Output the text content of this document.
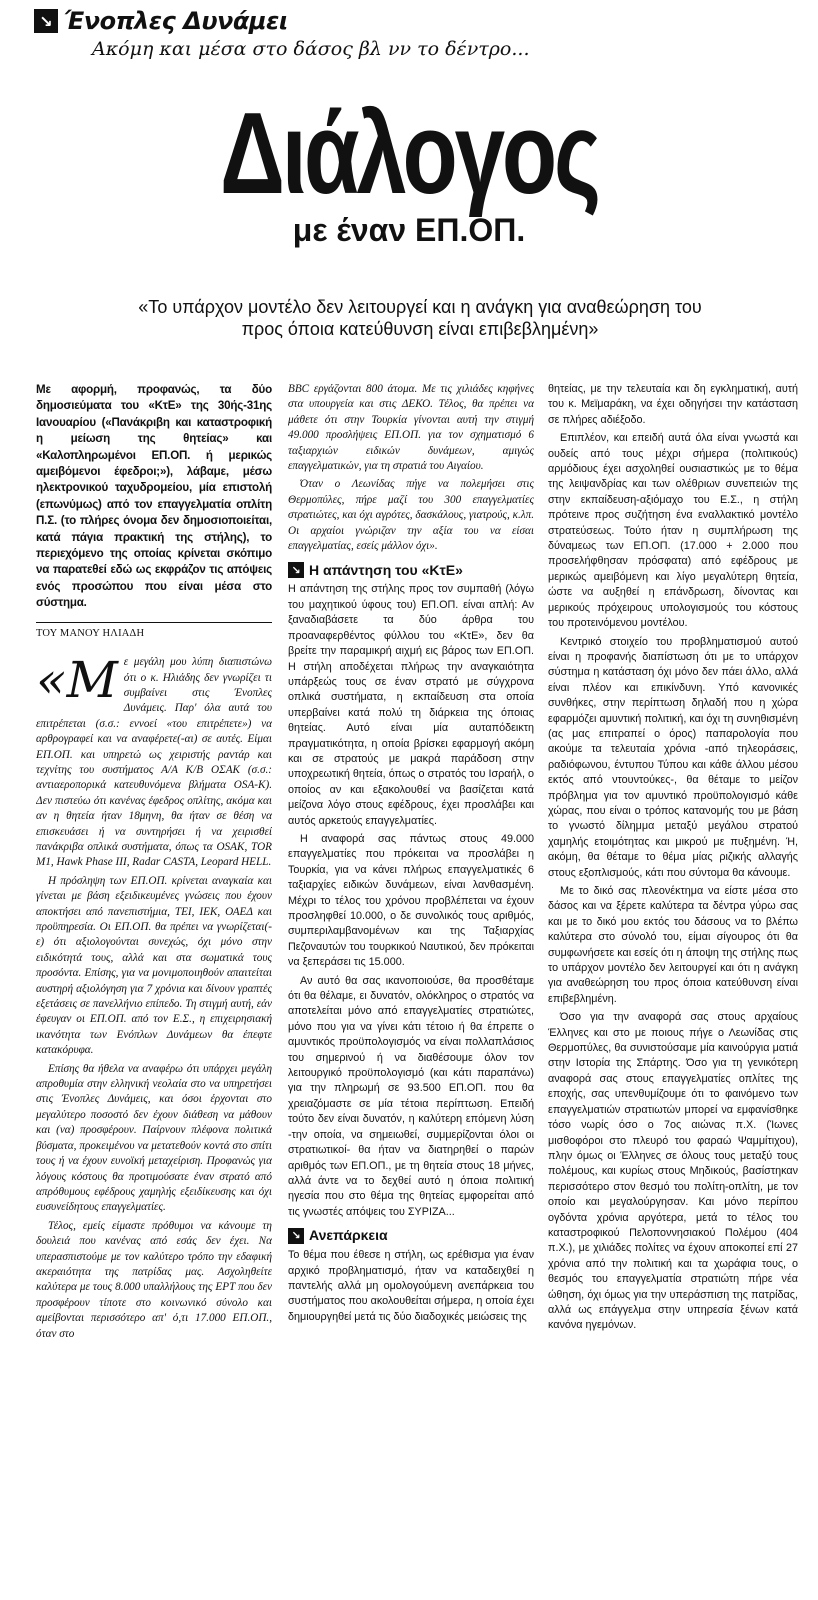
↘ Ένοπλες Δυνάμει
Ακόμη και μέσα στο δάσος βλ νν το δέντρο...
Διάλογος
με έναν ΕΠ.ΟΠ.
«Το υπάρχον μοντέλο δεν λειτουργεί και η ανάγκη για αναθεώρηση του προς όποια κατεύθυνση είναι επιβεβλημένη»
Με αφορμή, προφανώς, τα δύο δημοσιεύματα του «ΚτΕ» της 30ής-31ης Ιανουαρίου («Πανάκριβη και καταστροφική η μείωση της θητείας» και «Καλοπληρωμένοι ΕΠ.ΟΠ. ή μερικώς αμειβόμενοι έφεδροι;»), λάβαμε, μέσω ηλεκτρονικού ταχυδρομείου, μία επιστολή (επωνύμως) από τον επαγγελματία οπλίτη Π.Σ. (το πλήρες όνομα δεν δημοσιοποιείται, κατά πάγια πρακτική της στήλης), το περιεχόμενο της οποίας κρίνεται σκόπιμο να παρατεθεί εδώ ως εκφράζον τις απόψεις ενός προσώπου που είναι μέσα στο σύστημα.
ΤΟΥ ΜΑΝΟΥ ΗΛΙΑΔΗ
«Μ ε μεγάλη μου λύπη διαπιστώνω ότι ο κ. Ηλιάδης δεν γνωρίζει τι συμβαίνει στις Ένοπλες Δυνάμεις. Παρ' όλα αυτά του επιτρέπεται (σ.σ.: εννοεί «του επιτρέπετε») να αρθρογραφεί και να αναφέρετε(-αι) σε αυτές. Είμαι ΕΠ.ΟΠ. και υπηρετώ ως χειριστής ραντάρ και τεχνίτης του συστήματος Α/Α Κ/Β ΟΣΑΚ (σ.σ.: αντιαεροπορικά κατευθυνόμενα βλήματα OSA-K). Δεν πιστεύω ότι κανένας έφεδρος οπλίτης, ακόμα και αν η θητεία ήταν 18μηνη, θα ήταν σε θέση να επισκευάσει ή να συντηρήσει ή να χειρισθεί πανάκριβα οπλικά συστήματα, όπως τα OSAK, TOR M1, Hawk Phase III, Radar CASTA, Leopard HELL.

Η πρόσληψη των ΕΠ.ΟΠ. κρίνεται αναγκαία και γίνεται με βάση εξειδικευμένες γνώσεις που έχουν αποκτήσει από πανεπιστήμια, ΤΕΙ, ΙΕΚ, ΟΑΕΔ και προϋπηρεσία. Οι ΕΠ.ΟΠ. θα πρέπει να γνωρίζεται(-ε) ότι αξιολογούνται συνεχώς, όχι μόνο στην ειδικότητά τους, αλλά και στα σωματικά τους προσόντα. Επίσης, για να μονιμοποιηθούν απαιτείται αυστηρή αξιολόγηση για 7 χρόνια και δίνουν γραπτές εξετάσεις σε πανελλήνιο επίπεδο. Τη στιγμή αυτή, εάν έφευγαν οι ΕΠ.ΟΠ. από τον Ε.Σ., η επιχειρησιακή ικανότητα των Ενόπλων Δυνάμεων θα έπεφτε κατακόρυφα.

Επίσης θα ήθελα να αναφέρω ότι υπάρχει μεγάλη απροθυμία στην ελληνική νεολαία στο να υπηρετήσει στις Ένοπλες Δυνάμεις, και όσοι έρχονται στο μεγαλύτερο ποσοστό δεν έχουν διάθεση να μάθουν και (να) προσφέρουν. Παίρνουν πλέφονα πολιτικά βύσματα, προκειμένου να μετατεθούν κοντά στο σπίτι τους ή να έχουν ευνοϊκή μεταχείριση. Προφανώς για λόγους κόστους θα προτιμούσατε έναν στρατό από απρόθυμους εφέδρους χαμηλής εξειδίκευσης και όχι ευσυνείδητους επαγγελματίες.

Τέλος, εμείς είμαστε πρόθυμοι να κάνουμε τη δουλειά που κανένας από εσάς δεν έχει. Να υπερασπιστούμε με τον καλύτερο τρόπο την εδαφική ακεραιότητα της πατρίδας μας. Ασχοληθείτε καλύτερα με τους 8.000 υπαλλήλους της ΕΡΤ που δεν προσφέρουν τίποτε στο κοινωνικό σύνολο και αμείβονται περισσότερο απ' ό,τι 17.000 ΕΠ.ΟΠ., όταν στο

BBC εργάζονται 800 άτομα. Με τις χιλιάδες κηφήνες στα υπουργεία και στις ΔΕΚΟ. Τέλος, θα πρέπει να μάθετε ότι στην Τουρκία γίνονται αυτή την στιγμή 49.000 προσλήψεις ΕΠ.ΟΠ. για τον σχηματισμό 6 ταξιαρχιών ειδικών δυνάμεων, αμιγώς επαγγελματικών, για τη στρατιά του Αιγαίου.

Όταν ο Λεωνίδας πήγε να πολεμήσει στις Θερμοπύλες, πήρε μαζί του 300 επαγγελματίες στρατιώτες, και όχι αγρότες, δασκάλους, γιατρούς, κ.λπ. Οι αρχαίοι γνώριζαν την αξία του να είσαι επαγγελματίας, εσείς μάλλον όχι».

↘ Η απάντηση του «ΚτΕ»

Η απάντηση της στήλης προς τον συμπαθή (λόγω του μαχητικού ύφους του) ΕΠ.ΟΠ. είναι απλή: Αν ξαναδιαβάσετε τα δύο άρθρα του προαναφερθέντος φύλλου του «ΚτΕ», δεν θα βρείτε την παραμικρή αιχμή εις βάρος των ΕΠ.ΟΠ. Η στήλη αποδέχεται πλήρως την αναγκαιότητα υπάρξεώς τους σε έναν στρατό με σύγχρονα οπλικά συστήματα, η εκπαίδευση στα οποία υπερβαίνει κατά πολύ τη διάρκεια της όποιας θητείας. Αυτό είναι μία αυταπόδεικτη πραγματικότητα, η οποία βρίσκει εφαρμογή ακόμη και σε στρατούς με μακρά παράδοση στην υποχρεωτική θητεία, όπως ο στρατός του Ισραήλ, ο οποίος αν και εξακολουθεί να βασίζεται κατά μείζονα λόγο στους εφέδρους, έχει προσλάβει και αυτός αρκετούς επαγγελματίες.

Η αναφορά σας πάντως στους 49.000 επαγγελματίες που πρόκειται να προσλάβει η Τουρκία, για να κάνει πλήρως επαγγελματικές 6 ταξιαρχίες ειδικών δυνάμεων, είναι λανθασμένη. Μέχρι το τέλος του χρόνου προβλέπεται να έχουν προσληφθεί 10.000, ο δε συνολικός τους αριθμός, συμπεριλαμβανομένων και της Ταξιαρχίας Πεζοναυτών του τουρκικού Ναυτικού, δεν πρόκειται να ξεπεράσει τις 15.000.

Αν αυτό θα σας ικανοποιούσε, θα προσθέταμε ότι θα θέλαμε, ει δυνατόν, ολόκληρος ο στρατός να αποτελείται μόνο από επαγγελματίες στρατιώτες, μόνο που για να γίνει κάτι τέτοιο ή θα έπρεπε ο αμυντικός προϋπολογισμός να είναι πολλαπλάσιος του σημερινού ή να διαθέσουμε όλον τον λειτουργικό προϋπολογισμό (και κάτι παραπάνω) για την πληρωμή σε 93.500 ΕΠ.ΟΠ. που θα χρειαζόμαστε σε μία τέτοια περίπτωση. Επειδή τούτο δεν είναι δυνατόν, η καλύτερη επόμενη λύση -την οποία, να σημειωθεί, συμμερίζονται όλοι οι στρατιωτικοί- θα ήταν να διατηρηθεί ο παρών αριθμός των ΕΠ.ΟΠ., με τη θητεία στους 18 μήνες, αλλά άντε να το δεχθεί αυτό η όποια πολιτική ηγεσία που στο θέμα της θητείας εμφορείται από τις γνωστές απόψεις του ΣΥΡΙΖΑ...

↘ Ανεπάρκεια

Το θέμα που έθεσε η στήλη, ως ερέθισμα για έναν αρχικό προβληματισμό, ήταν να καταδειχθεί η παντελής αλλά μη ομολογούμενη ανεπάρκεια του συστήματος που ακολουθείται σήμερα, η οποία έχει δημιουργηθεί μετά τις δύο διαδοχικές μειώσεις της

θητείας, με την τελευταία και δη εγκληματική, αυτή του κ. Μεϊμαράκη, να έχει οδηγήσει την κατάσταση σε πλήρες αδιέξοδο.

Επιπλέον, και επειδή αυτά όλα είναι γνωστά και ουδείς από τους μέχρι σήμερα (πολιτικούς) αρμόδιους έχει ασχοληθεί ουσιαστικώς με το θέμα της λειψανδρίας και των ολέθριων συνεπειών της στην εκπαίδευση-αξιόμαχο του Ε.Σ., η στήλη πρότεινε προς συζήτηση ένα εναλλακτικό μοντέλο στρατεύσεως. Τούτο ήταν η συμπλήρωση της δύναμεως των ΕΠ.ΟΠ. (17.000 + 2.000 που προσελήφθησαν πρόσφατα) από εφέδρους με μερικώς αμειβόμενη και λίγο μεγαλύτερη θητεία, ώστε να αυξηθεί η επάνδρωση, δίνοντας και μερικούς πρόχειρους υπολογισμούς του κόστους του προτεινόμενου μοντέλου.

Κεντρικό στοιχείο του προβληματισμού αυτού είναι η προφανής διαπίστωση ότι με το υπάρχον σύστημα η κατάσταση όχι μόνο δεν πάει άλλο, αλλά είναι πλέον και επικίνδυνη. Υπό κανονικές συνθήκες, στην περίπτωση δηλαδή που η χώρα εφαρμόζει αμυντική πολιτική, και όχι τη συνηθισμένη (ας μας επιτραπεί ο όρος) παπαρολογία που ακούμε τα τελευταία χρόνια -από τηλεοράσεις, ραδιόφωνου, έντυπου Τύπου και κάθε άλλου μέσου εκτός από ντουντούκες-, θα θέταμε το μείζον πρόβλημα για τον αμυντικό προϋπολογισμό κάθε χώρας, που είναι ο τρόπος κατανομής του με βάση το γνωστό δίλημμα μεταξύ μεγάλου στρατού χαμηλής ετοιμότητας και μικρού με πυξημένη. Ή, ακόμη, θα θέταμε το θέμα μίας ριζικής αλλαγής στους εξοπλισμούς, κάτι που σύντομα θα κάνουμε.

Με το δικό σας πλεονέκτημα να είστε μέσα στο δάσος και να ξέρετε καλύτερα τα δέντρα γύρω σας και με το δικό μου εκτός του δάσους να το βλέπω καλύτερα στο σύνολό του, είμαι σίγουρος ότι θα συμφωνήσετε και εσείς ότι η άποψη της στήλης πως το υπάρχον μοντέλο δεν λειτουργεί και ότι η ανάγκη για αναθεώρηση του προς όποια κατεύθυνση είναι επιβεβλημένη.

Όσο για την αναφορά σας στους αρχαίους Έλληνες και στο με ποιους πήγε ο Λεωνίδας στις Θερμοπύλες, θα συνιστούσαμε μία καινούργια ματιά στην Ιστορία της Σπάρτης. Όσο για τη γενικότερη αναφορά σας στους επαγγελματίες οπλίτες της εποχής, σας υπενθυμίζουμε ότι το φαινόμενο των επαγγελματιών στρατιωτών μπορεί να εμφανίσθηκε τόσο νωρίς όσο ο 7ος αιώνας π.Χ. (Ίωνες μισθοφόροι στο πλευρό του φαραώ Ψαμμίτιχου), πλην όμως οι Έλληνες σε όλους τους μεταξύ τους πολέμους, και κυρίως στους Μηδικούς, βασίστηκαν περισσότερο στον θεσμό του πολίτη-οπλίτη, με τον οποίο και μεγαλούργησαν. Και μόνο περίπου ογδόντα χρόνια αργότερα, μετά το τέλος του καταστροφικού Πελοποννησιακού Πολέμου (404 π.Χ.), με χιλιάδες πολίτες να έχουν αποκοπεί επί 27 χρόνια από την πολιτική και τα χωράφια τους, ο θεσμός του επαγγελματία στρατιώτη πήρε νέα ώθηση, όχι όμως για την υπεράσπιση της πατρίδας, αλλά ως επάγγελμα στην υπηρεσία ξένων κατά κανόνα ηγεμόνων.
